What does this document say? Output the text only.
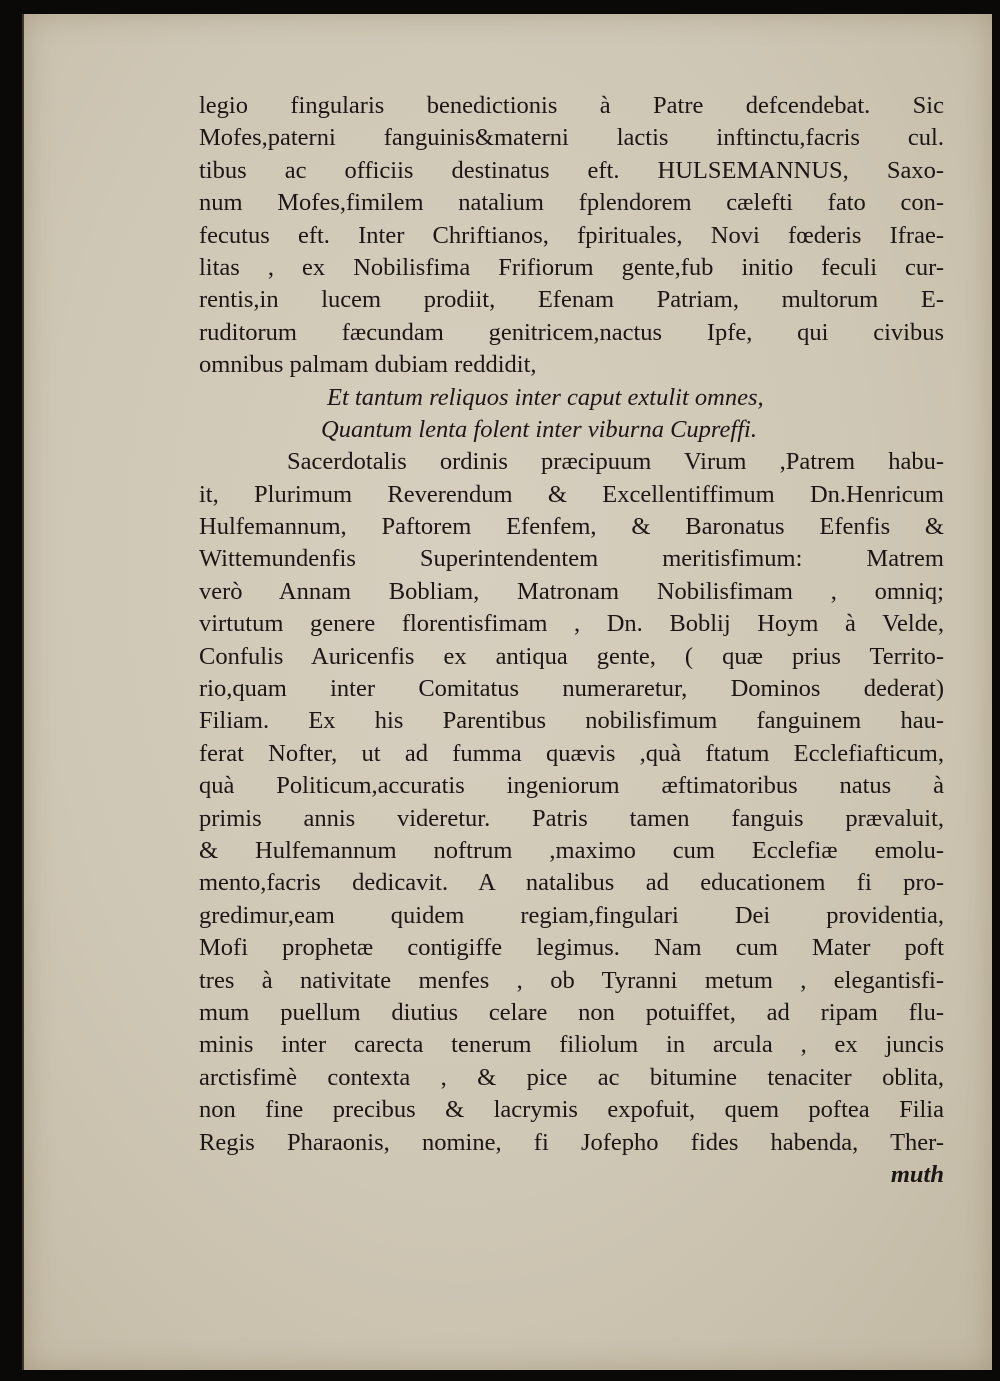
legio fingularis benedictionis à Patre defcendebat. Sic
Mofes,paterni fanguinis&materni lactis inftinctu,facris cul.
tibus ac officiis destinatus eft. HULSEMANNUS, Saxo-
num Mofes,fimilem natalium fplendorem cælefti fato con-
fecutus eft. Inter Chriftianos, fpirituales, Novi fœderis Ifrae-
litas , ex Nobilisfima Frifiorum gente,fub initio feculi cur-
rentis,in lucem prodiit, Efenam Patriam, multorum E-
ruditorum fæcundam genitricem,nactus Ipfe, qui civibus
omnibus palmam dubiam reddidit,
Et tantum reliquos inter caput extulit omnes,
Quantum lenta folent inter viburna Cupreffi.
Sacerdotalis ordinis præcipuum Virum ,Patrem habu-
it, Plurimum Reverendum & Excellentiffimum Dn.Henricum
Hulfemannum, Paftorem Efenfem, & Baronatus Efenfis &
Wittemundenfis Superintendentem meritisfimum: Matrem
verò Annam Bobliam, Matronam Nobilisfimam , omniq;
virtutum genere florentisfimam , Dn. Boblij Hoym à Velde,
Confulis Auricenfis ex antiqua gente, ( quæ prius Territo-
rio,quam inter Comitatus numeraretur, Dominos dederat)
Filiam. Ex his Parentibus nobilisfimum fanguinem hau-
ferat Nofter, ut ad fumma quævis ,quà ftatum Ecclefiafticum,
quà Politicum,accuratis ingeniorum æftimatoribus natus à
primis annis videretur. Patris tamen fanguis prævaluit,
& Hulfemannum noftrum ,maximo cum Ecclefiæ emolu-
mento,facris dedicavit. A natalibus ad educationem fi pro-
gredimur,eam quidem regiam,fingulari Dei providentia,
Mofi prophetæ contigiffe legimus. Nam cum Mater poft
tres à nativitate menfes , ob Tyranni metum , elegantisfi-
mum puellum diutius celare non potuiffet, ad ripam flu-
minis inter carecta tenerum filiolum in arcula , ex juncis
arctisfimè contexta , & pice ac bitumine tenaciter oblita,
non fine precibus & lacrymis expofuit, quem poftea Filia
Regis Pharaonis, nomine, fi Jofepho fides habenda, Ther-
muth
